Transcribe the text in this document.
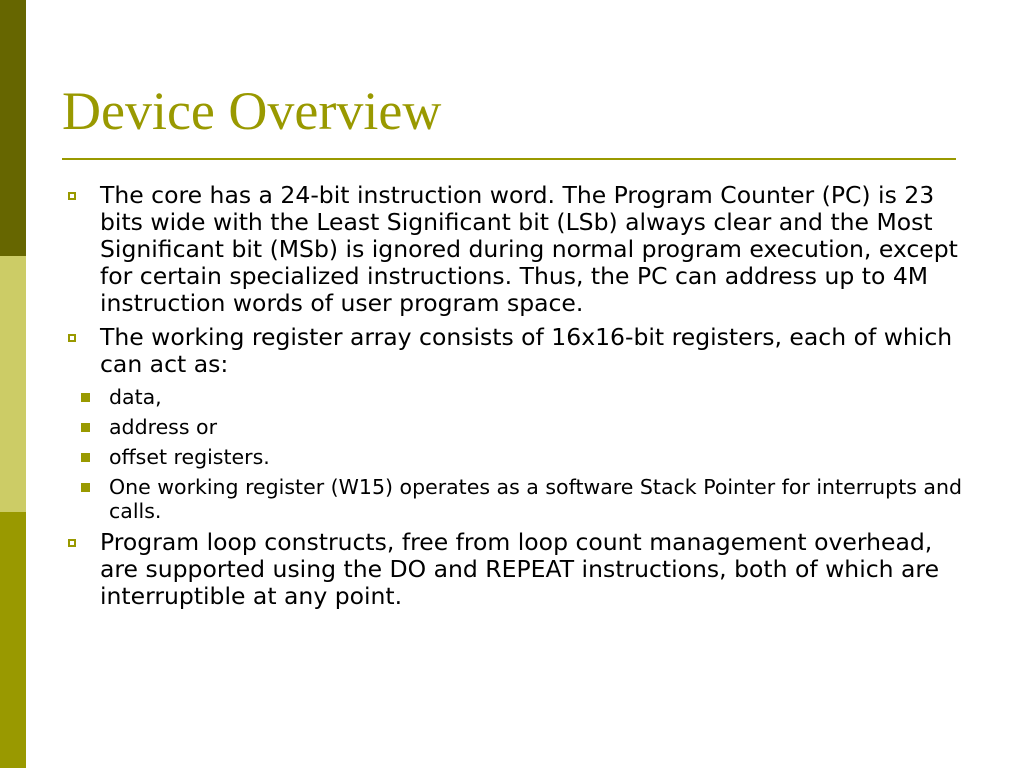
Device Overview
The core has a 24-bit instruction word. The Program Counter (PC) is 23 bits wide with the Least Significant bit (LSb) always clear and the Most Significant bit (MSb) is ignored during normal program execution, except for certain specialized instructions. Thus, the PC can address up to 4M instruction words of user program space.
The working register array consists of 16x16-bit registers, each of which can act as:
data,
address or
offset registers.
One working register (W15) operates as a software Stack Pointer for interrupts and calls.
Program loop constructs, free from loop count management overhead, are supported using the DO and REPEAT instructions, both of which are interruptible at any point.
